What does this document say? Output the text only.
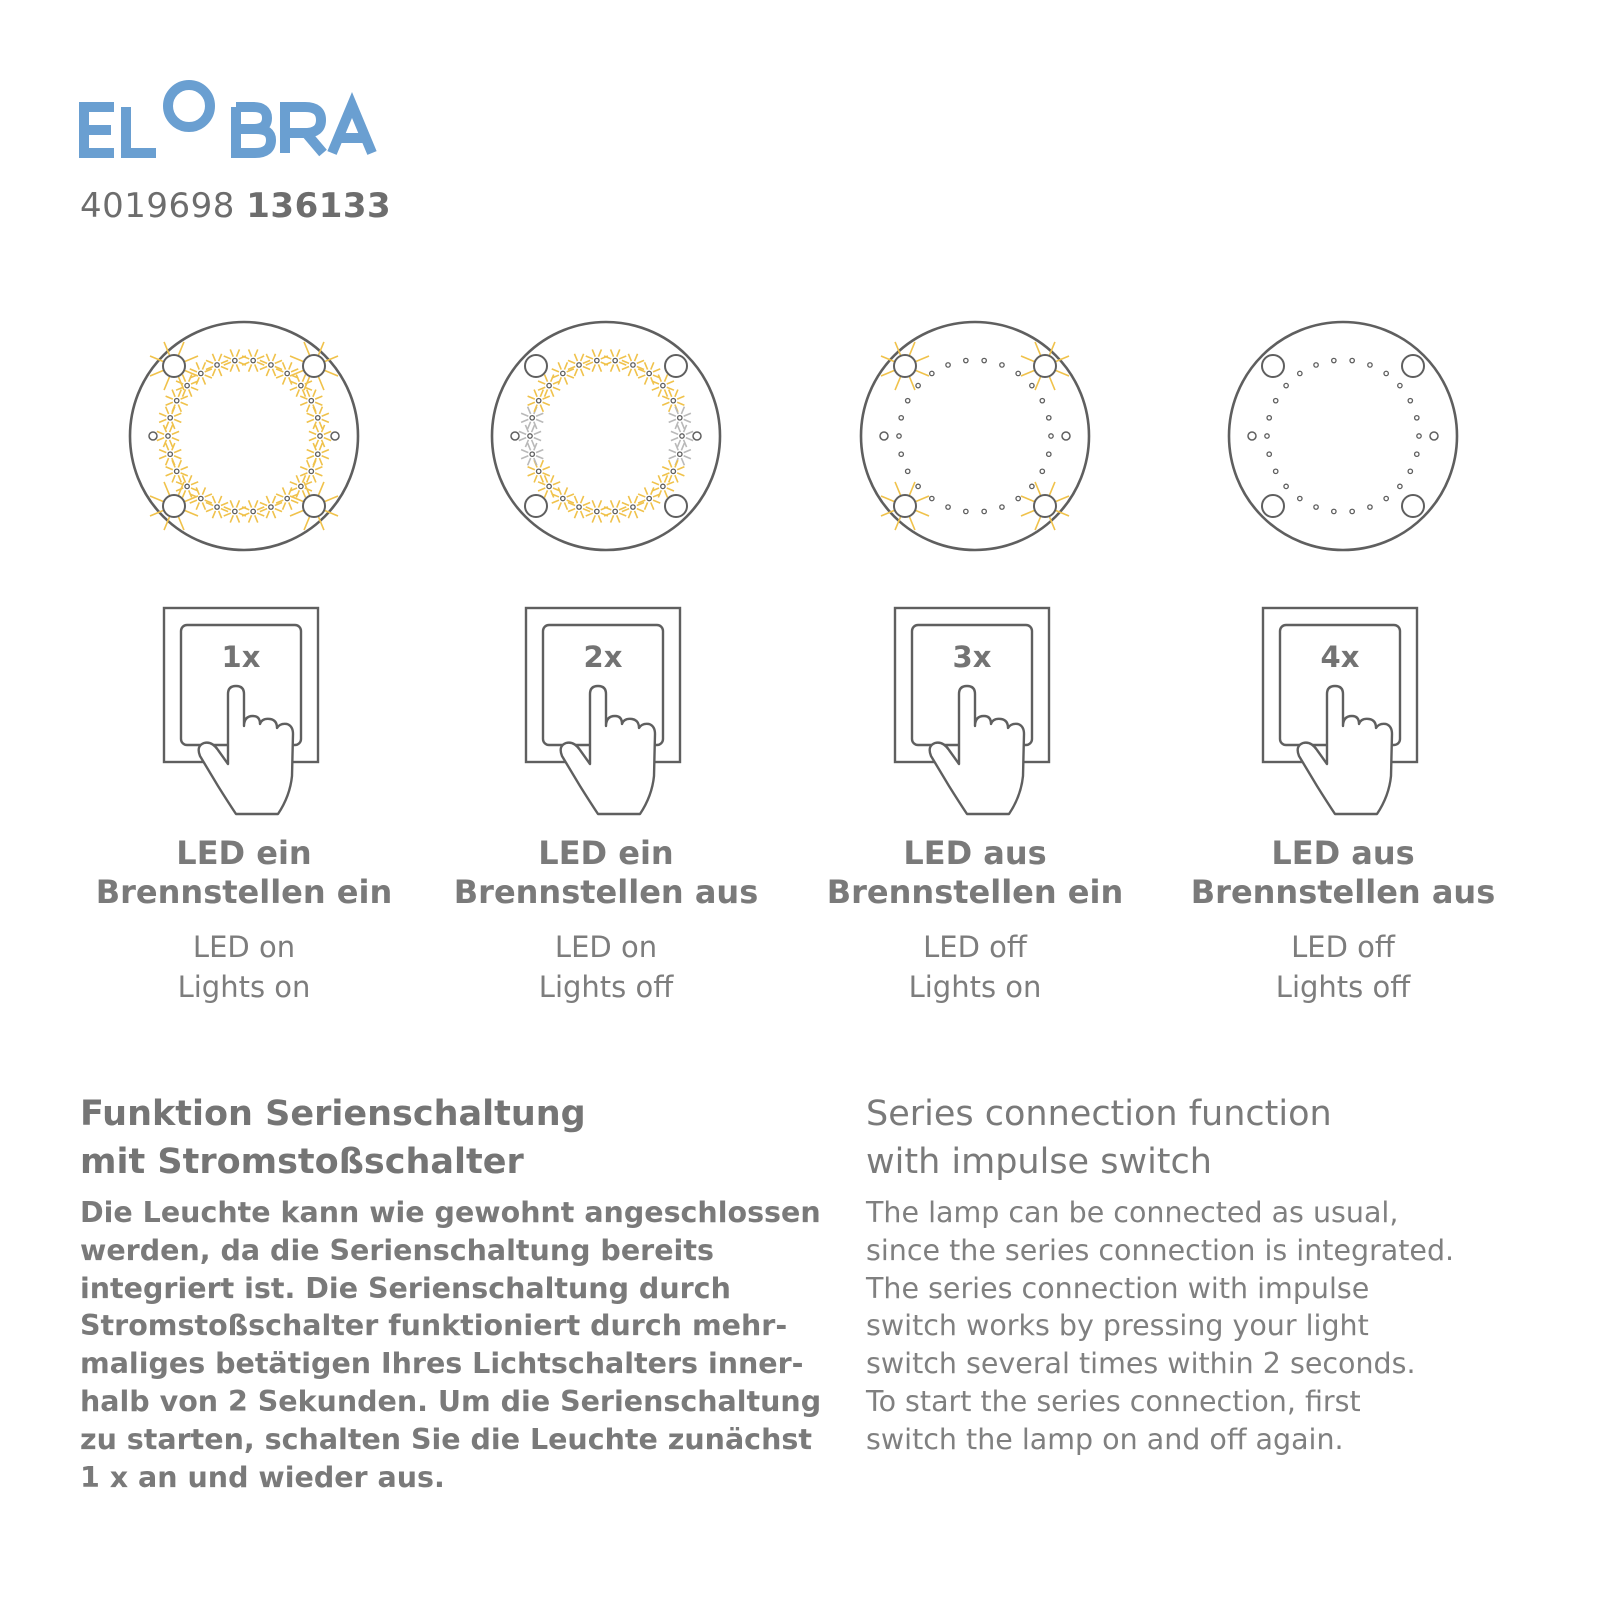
4019698 136133
1x
LED ein
Brennstellen ein
LED on
Lights on
2x
LED ein
Brennstellen aus
LED on
Lights off
3x
LED aus
Brennstellen ein
LED off
Lights on
4x
LED aus
Brennstellen aus
LED off
Lights off
Funktion Serienschaltung
mit Stromstoßschalter
Die Leuchte kann wie gewohnt angeschlossen
werden, da die Serienschaltung bereits
integriert ist. Die Serienschaltung durch
Stromstoßschalter funktioniert durch mehr-
maliges betätigen Ihres Lichtschalters inner-
halb von 2 Sekunden. Um die Serienschaltung
zu starten, schalten Sie die Leuchte zunächst
1 x an und wieder aus.
Series connection function
with impulse switch
The lamp can be connected as usual,
since the series connection is integrated.
The series connection with impulse
switch works by pressing your light
switch several times within 2 seconds.
To start the series connection, first
switch the lamp on and off again.
